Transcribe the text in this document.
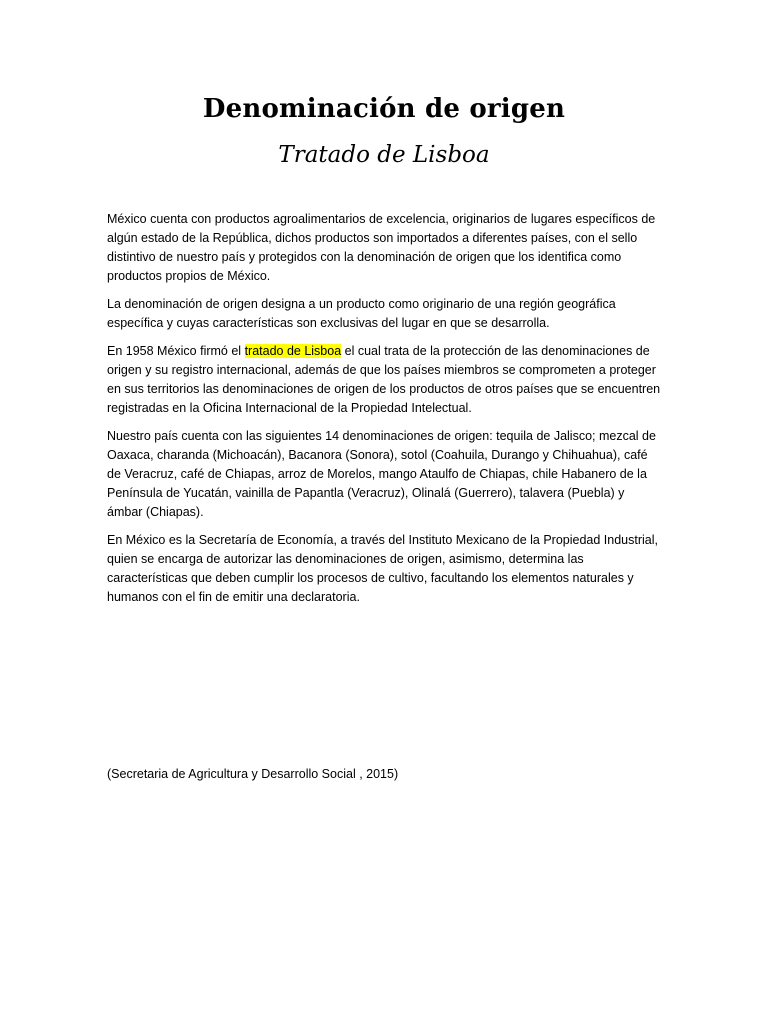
Denominación de origen
Tratado de Lisboa

México cuenta con productos agroalimentarios de excelencia, originarios de lugares específicos de algún estado de la República, dichos productos son importados a diferentes países, con el sello distintivo de nuestro país y protegidos con la denominación de origen que los identifica como productos propios de México.

La denominación de origen designa a un producto como originario de una región geográfica específica y cuyas características son exclusivas del lugar en que se desarrolla.

En 1958 México firmó el tratado de Lisboa el cual trata de la protección de las denominaciones de origen y su registro internacional, además de que los países miembros se comprometen a proteger en sus territorios las denominaciones de origen de los productos de otros países que se encuentren registradas en la Oficina Internacional de la Propiedad Intelectual.

Nuestro país cuenta con las siguientes 14 denominaciones de origen: tequila de Jalisco; mezcal de Oaxaca, charanda (Michoacán), Bacanora (Sonora), sotol (Coahuila, Durango y Chihuahua), café de Veracruz, café de Chiapas, arroz de Morelos, mango Ataulfo de Chiapas, chile Habanero de la Península de Yucatán, vainilla de Papantla (Veracruz), Olinalá (Guerrero), talavera (Puebla) y ámbar (Chiapas).

En México es la Secretaría de Economía, a través del Instituto Mexicano de la Propiedad Industrial, quien se encarga de autorizar las denominaciones de origen, asimismo, determina las características que deben cumplir los procesos de cultivo, facultando los elementos naturales y humanos con el fin de emitir una declaratoria.

(Secretaria de Agricultura y Desarrollo Social , 2015)
